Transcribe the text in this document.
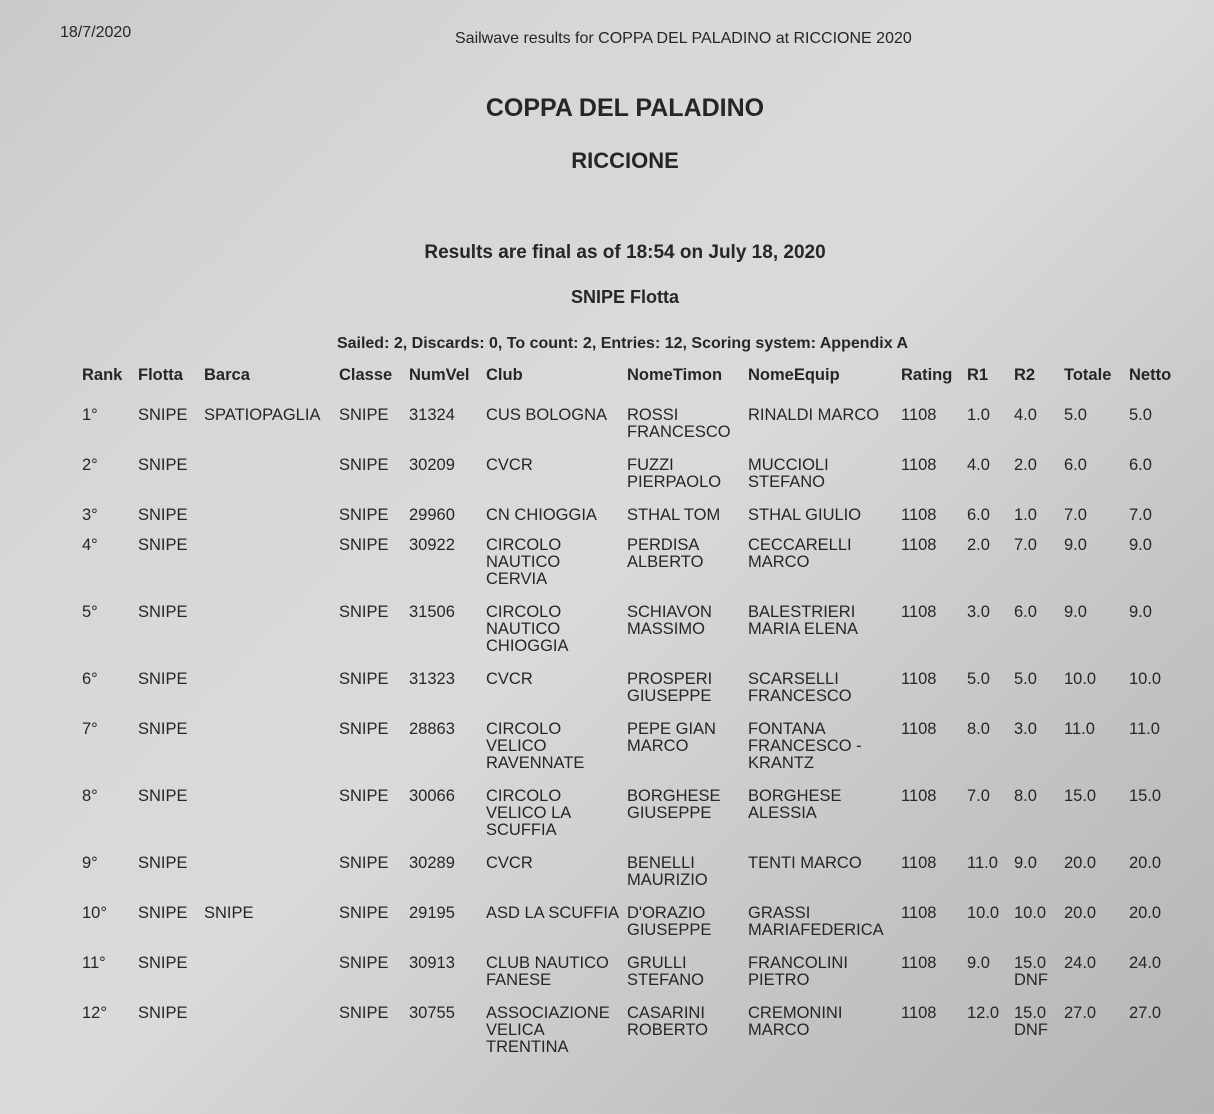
18/7/2020	Sailwave results for COPPA DEL PALADINO at RICCIONE 2020
COPPA DEL PALADINO
RICCIONE
Results are final as of 18:54 on July 18, 2020
SNIPE Flotta
Sailed: 2, Discards: 0, To count: 2, Entries: 12, Scoring system: Appendix A
Rank	Flotta	Barca	Classe	NumVel	Club	NomeTimon	NomeEquip	Rating	R1	R2	Totale	Netto
1°	SNIPE	SPATIOPAGLIA	SNIPE	31324	CUS BOLOGNA	ROSSI FRANCESCO	RINALDI MARCO	1108	1.0	4.0	5.0	5.0
2°	SNIPE		SNIPE	30209	CVCR	FUZZI PIERPAOLO	MUCCIOLI STEFANO	1108	4.0	2.0	6.0	6.0
3°	SNIPE		SNIPE	29960	CN CHIOGGIA	STHAL TOM	STHAL GIULIO	1108	6.0	1.0	7.0	7.0
4°	SNIPE		SNIPE	30922	CIRCOLO NAUTICO CERVIA	PERDISA ALBERTO	CECCARELLI MARCO	1108	2.0	7.0	9.0	9.0
5°	SNIPE		SNIPE	31506	CIRCOLO NAUTICO CHIOGGIA	SCHIAVON MASSIMO	BALESTRIERI MARIA ELENA	1108	3.0	6.0	9.0	9.0
6°	SNIPE		SNIPE	31323	CVCR	PROSPERI GIUSEPPE	SCARSELLI FRANCESCO	1108	5.0	5.0	10.0	10.0
7°	SNIPE		SNIPE	28863	CIRCOLO VELICO RAVENNATE	PEPE GIAN MARCO	FONTANA FRANCESCO - KRANTZ	1108	8.0	3.0	11.0	11.0
8°	SNIPE		SNIPE	30066	CIRCOLO VELICO LA SCUFFIA	BORGHESE GIUSEPPE	BORGHESE ALESSIA	1108	7.0	8.0	15.0	15.0
9°	SNIPE		SNIPE	30289	CVCR	BENELLI MAURIZIO	TENTI MARCO	1108	11.0	9.0	20.0	20.0
10°	SNIPE	SNIPE	SNIPE	29195	ASD LA SCUFFIA	D'ORAZIO GIUSEPPE	GRASSI MARIAFEDERICA	1108	10.0	10.0	20.0	20.0
11°	SNIPE		SNIPE	30913	CLUB NAUTICO FANESE	GRULLI STEFANO	FRANCOLINI PIETRO	1108	9.0	15.0 DNF	24.0	24.0
12°	SNIPE		SNIPE	30755	ASSOCIAZIONE VELICA TRENTINA	CASARINI ROBERTO	CREMONINI MARCO	1108	12.0	15.0 DNF	27.0	27.0
